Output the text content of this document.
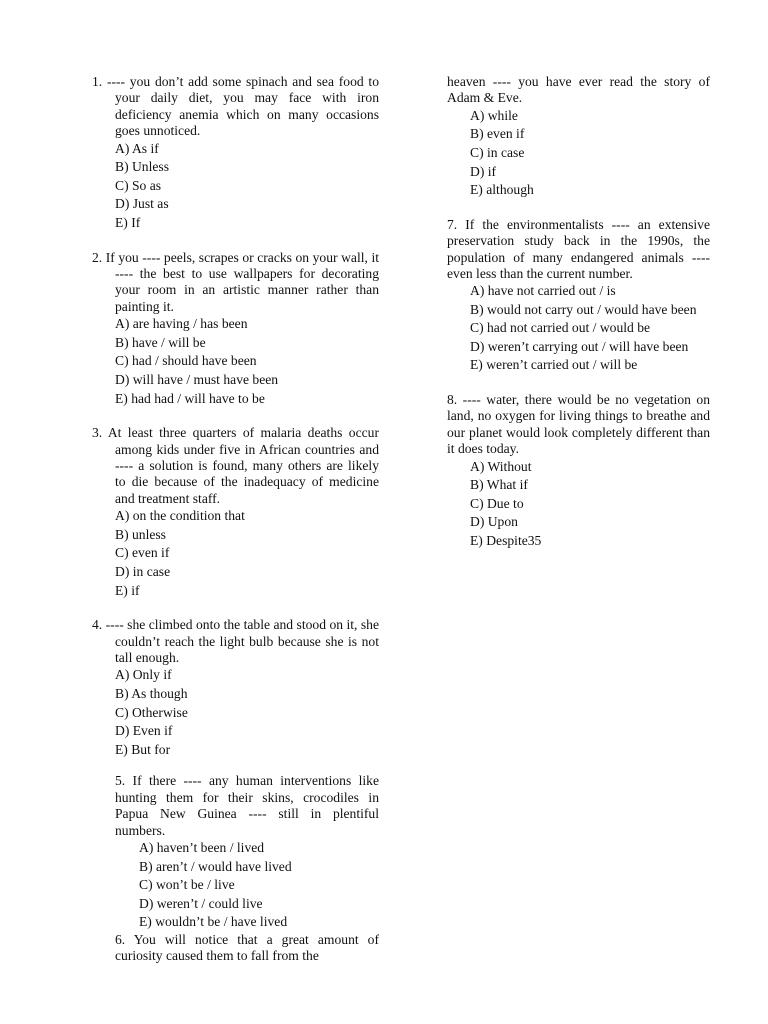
1. ---- you don’t add some spinach and sea food to your daily diet, you may face with iron deficiency anemia which on many occasions goes unnoticed.

A) As if
B) Unless
C) So as
D) Just as
E) If

2. If you ---- peels, scrapes or cracks on your wall, it ---- the best to use wallpapers for decorating your room in an artistic manner rather than painting it.

A) are having / has been
B) have / will be
C) had / should have been
D) will have / must have been
E) had had / will have to be

3. At least three quarters of malaria deaths occur among kids under five in African countries and ---- a solution is found, many others are likely to die because of the inadequacy of medicine and treatment staff.

A) on the condition that
B) unless
C) even if
D) in case
E) if

4. ---- she climbed onto the table and stood on it, she couldn’t reach the light bulb because she is not tall enough.

A) Only if
B) As though
C) Otherwise
D) Even if
E) But for

5. If there ---- any human interventions like hunting them for their skins, crocodiles in Papua New Guinea ---- still in plentiful numbers.

A) haven’t been / lived
B) aren’t / would have lived
C) won’t be / live
D) weren’t / could live
E) wouldn’t be / have lived

6. You will notice that a great amount of curiosity caused them to fall from the

heaven ---- you have ever read the story of Adam & Eve.

A) while
B) even if
C) in case
D) if
E) although

7. If the environmentalists ---- an extensive preservation study back in the 1990s, the population of many endangered animals ---- even less than the current number.

A) have not carried out / is
B) would not carry out / would have been
C) had not carried out / would be
D) weren’t carrying out / will have been
E) weren’t carried out / will be

8. ---- water, there would be no vegetation on land, no oxygen for living things to breathe and our planet would look completely different than it does today.

A) Without
B) What if
C) Due to
D) Upon
E) Despite35
